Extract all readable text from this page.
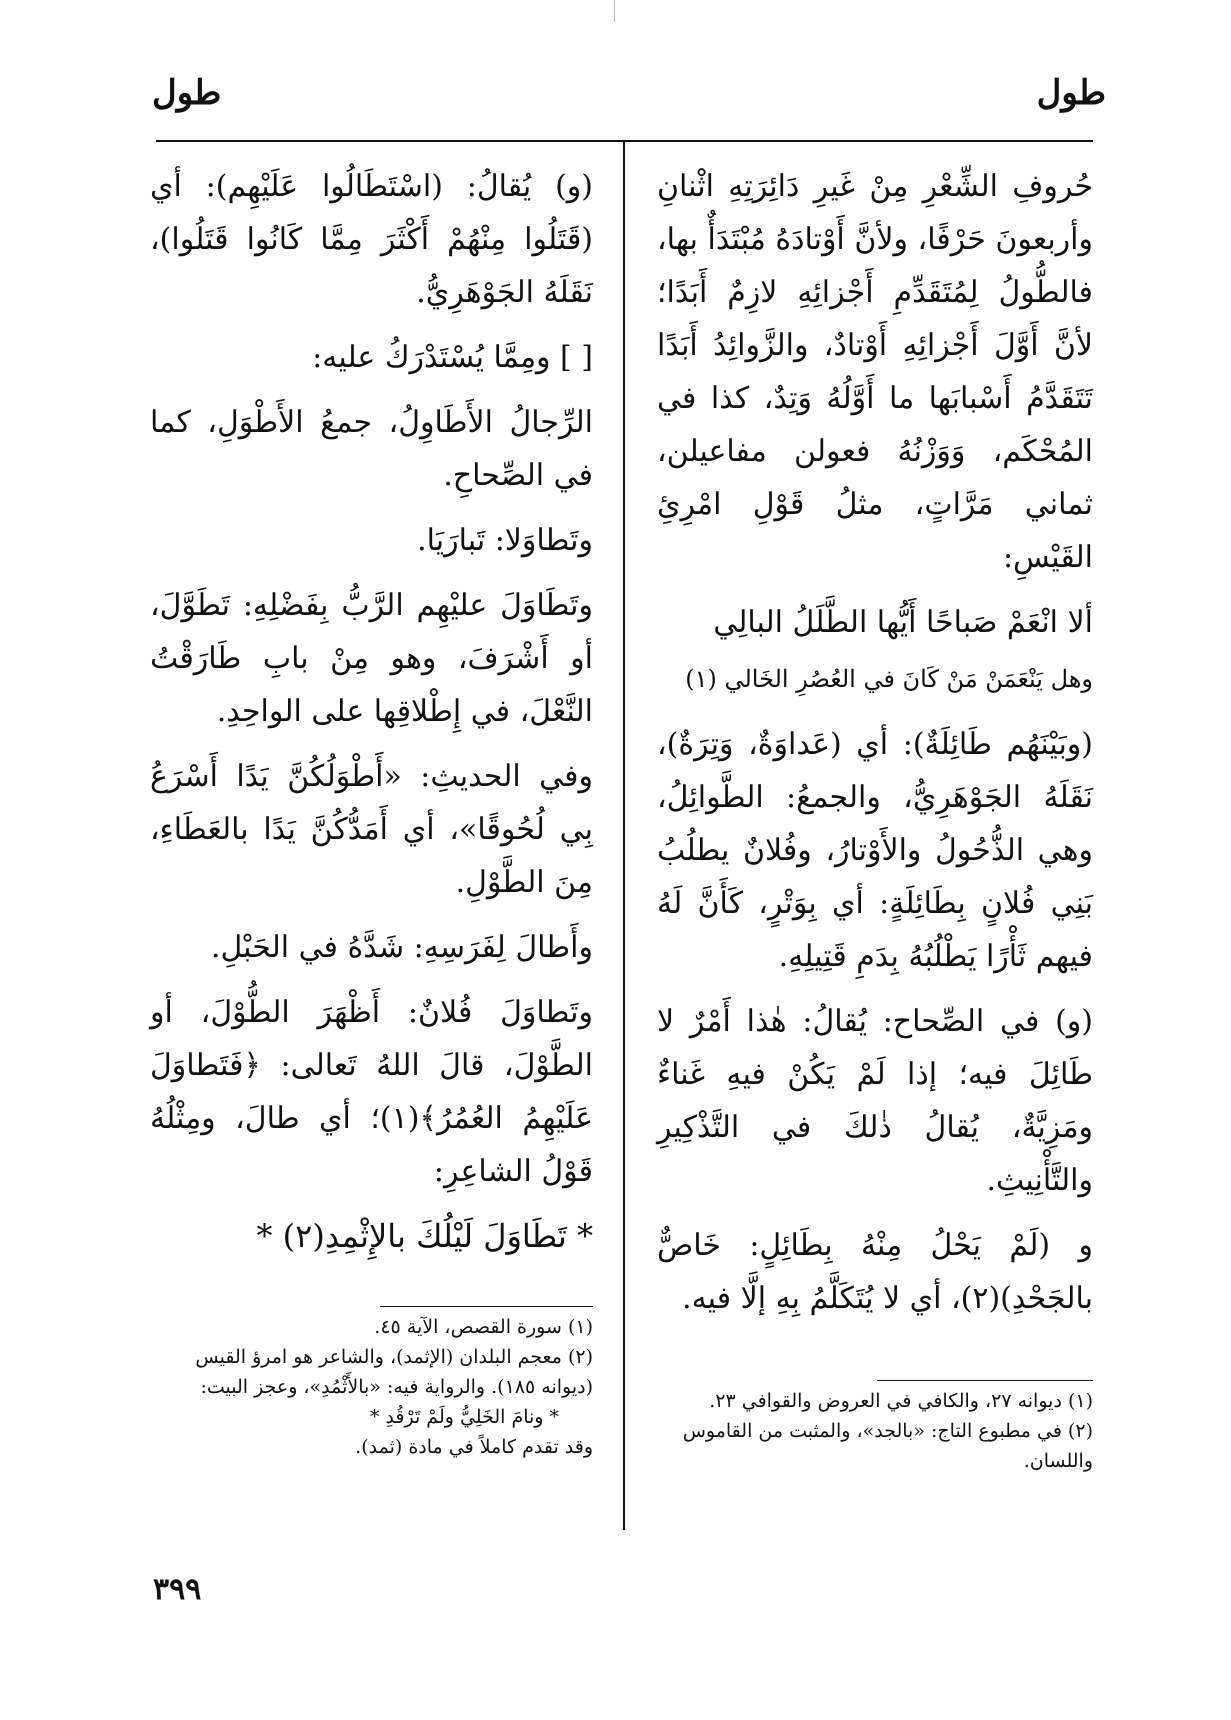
طول
طول

حُروفِ الشِّعْرِ مِنْ غَيرِ دَائِرَتِهِ اثْنانِ وأربعونَ حَرْفًا، ولأنَّ أَوْتادَهُ مُبْتَدَأٌ بها، فالطُّولُ لِمُتَقَدِّمِ أَجْزائِهِ لازِمٌ أَبَدًا؛ لأنَّ أَوَّلَ أَجْزائِهِ أَوْتادٌ، والزَّوائِدُ أَبَدًا تَتَقَدَّمُ أَسْبابَها ما أَوَّلُهُ وَتِدٌ، كذا في المُحْكَم، وَوَزْنُهُ فعولن مفاعيلن، ثماني مَرَّاتٍ، مثلُ قَوْلِ امْرِئِ القَيْسِ:

ألا انْعَمْ صَباحًا أَيُّها الطَّلَلُ البالِي

وهل يَنْعَمَنْ مَنْ كَانَ في العُصُرِ الخَالي (١)

(وبَيْنَهُم طَائِلَةٌ): أي (عَداوَةٌ، وَتِرَةٌ)، نَقَلَهُ الجَوْهَرِيُّ، والجمعُ: الطَّوائِلُ، وهي الذُّحُولُ والأَوْتارُ، وفُلانٌ يطلُبُ بَنِي فُلانٍ بِطَائِلَةٍ: أي بِوَتْرٍ، كَأَنَّ لَهُ فيهم ثَأْرًا يَطْلُبُهُ بِدَمِ قَتِيلِهِ.

(و) في الصِّحاح: يُقالُ: هٰذا أَمْرٌ لا طَائِلَ فيه؛ إذا لَمْ يَكُنْ فيهِ غَناءٌ ومَزِيَّةٌ، يُقالُ ذٰلكَ في التَّذْكِيرِ والتَّأْنِيثِ.

و (لَمْ يَحْلُ مِنْهُ بِطَائِلٍ: خَاصٌّ بالجَحْدِ)(٢)، أي لا يُتَكَلَّمُ بِهِ إلَّا فيه.

(و) يُقالُ: (اسْتَطَالُوا عَلَيْهِم): أي (قَتَلُوا مِنْهُمْ أَكْثَرَ مِمَّا كَانُوا قَتَلُوا)، نَقَلَهُ الجَوْهَرِيُّ.

[ ] ومِمَّا يُسْتَدْرَكُ عليه:

الرِّجالُ الأَطَاوِلُ، جمعُ الأَطْوَلِ، كما في الصِّحاحِ.

وتَطاوَلا: تَبارَيَا.

وتَطَاوَلَ عليْهِم الرَّبُّ بِفَضْلِهِ: تَطَوَّلَ، أو أَشْرَفَ، وهو مِنْ بابِ طَارَقْتُ النَّعْلَ، في إِطْلاقِها على الواحِدِ.

وفي الحديثِ: «أَطْوَلُكُنَّ يَدًا أَسْرَعُ بِي لُحُوقًا»، أي أَمَدُّكُنَّ يَدًا بالعَطَاءِ، مِنَ الطَّوْلِ.

وأَطالَ لِفَرَسِهِ: شَدَّهُ في الحَبْلِ.

وتَطاوَلَ فُلانٌ: أَظْهَرَ الطُّوْلَ، أو الطَّوْلَ، قالَ اللهُ تَعالى: ﴿فَتَطاوَلَ عَلَيْهِمُ العُمُرُ﴾(١)؛ أي طالَ، ومِثْلُهُ قَوْلُ الشاعِرِ:

* تَطَاوَلَ لَيْلُكَ بالإِثْمِدِ(٢) *

(١) سورة القصص، الآية ٤٥.

(٢) معجم البلدان (الإثمد)، والشاعر هو امرؤ القيس (ديوانه ١٨٥). والرواية فيه: «بالأَثْمُدِ»، وعجز البيت:

* ونامَ الخَلِيُّ ولَمْ تَرْقُدِ *

وقد تقدم كاملاً في مادة (ثمد).

(١) ديوانه ٢٧، والكافي في العروض والقوافي ٢٣.

(٢) في مطبوع التاج: «بالجد»، والمثبت من القاموس واللسان.

٣٩٩
